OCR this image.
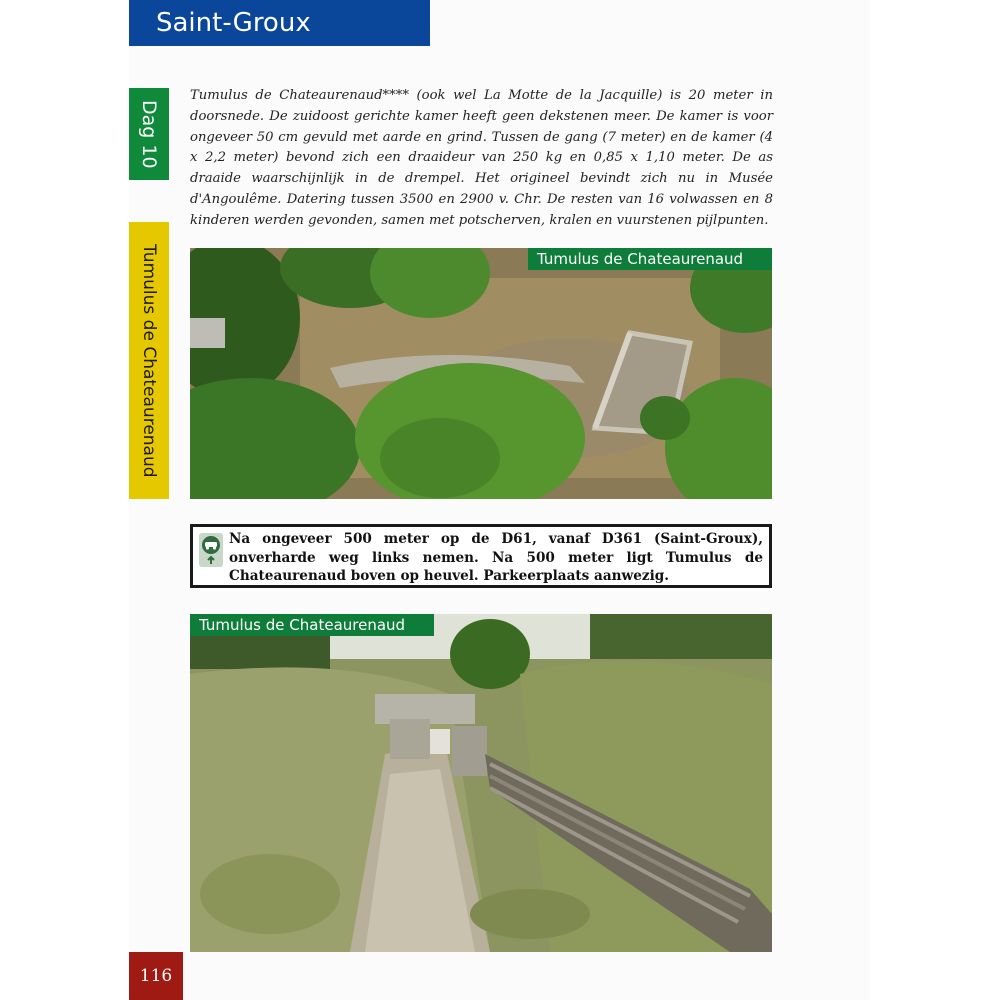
Saint-Groux
Dag 10
Tumulus de Chateaurenaud

Tumulus de Chateaurenaud**** (ook wel La Motte de la Jacquille) is 20 meter in doorsnede. De zuidoost gerichte kamer heeft geen dekstenen meer. De kamer is voor ongeveer 50 cm gevuld met aarde en grind. Tussen de gang (7 meter) en de kamer (4 x 2,2 meter) bevond zich een draaideur van 250 kg en 0,85 x 1,10 meter. De as draaide waarschijnlijk in de drempel. Het origineel bevindt zich nu in Musée d'Angoulême. Datering tussen 3500 en 2900 v. Chr. De resten van 16 volwassen en 8 kinderen werden gevonden, samen met potscherven, kralen en vuurstenen pijlpunten.

Tumulus de Chateaurenaud
Na ongeveer 500 meter op de D61, vanaf D361 (Saint-Groux), onverharde weg links nemen. Na 500 meter ligt Tumulus de Chateaurenaud boven op heuvel. Parkeerplaats aanwezig.
Tumulus de Chateaurenaud
116
